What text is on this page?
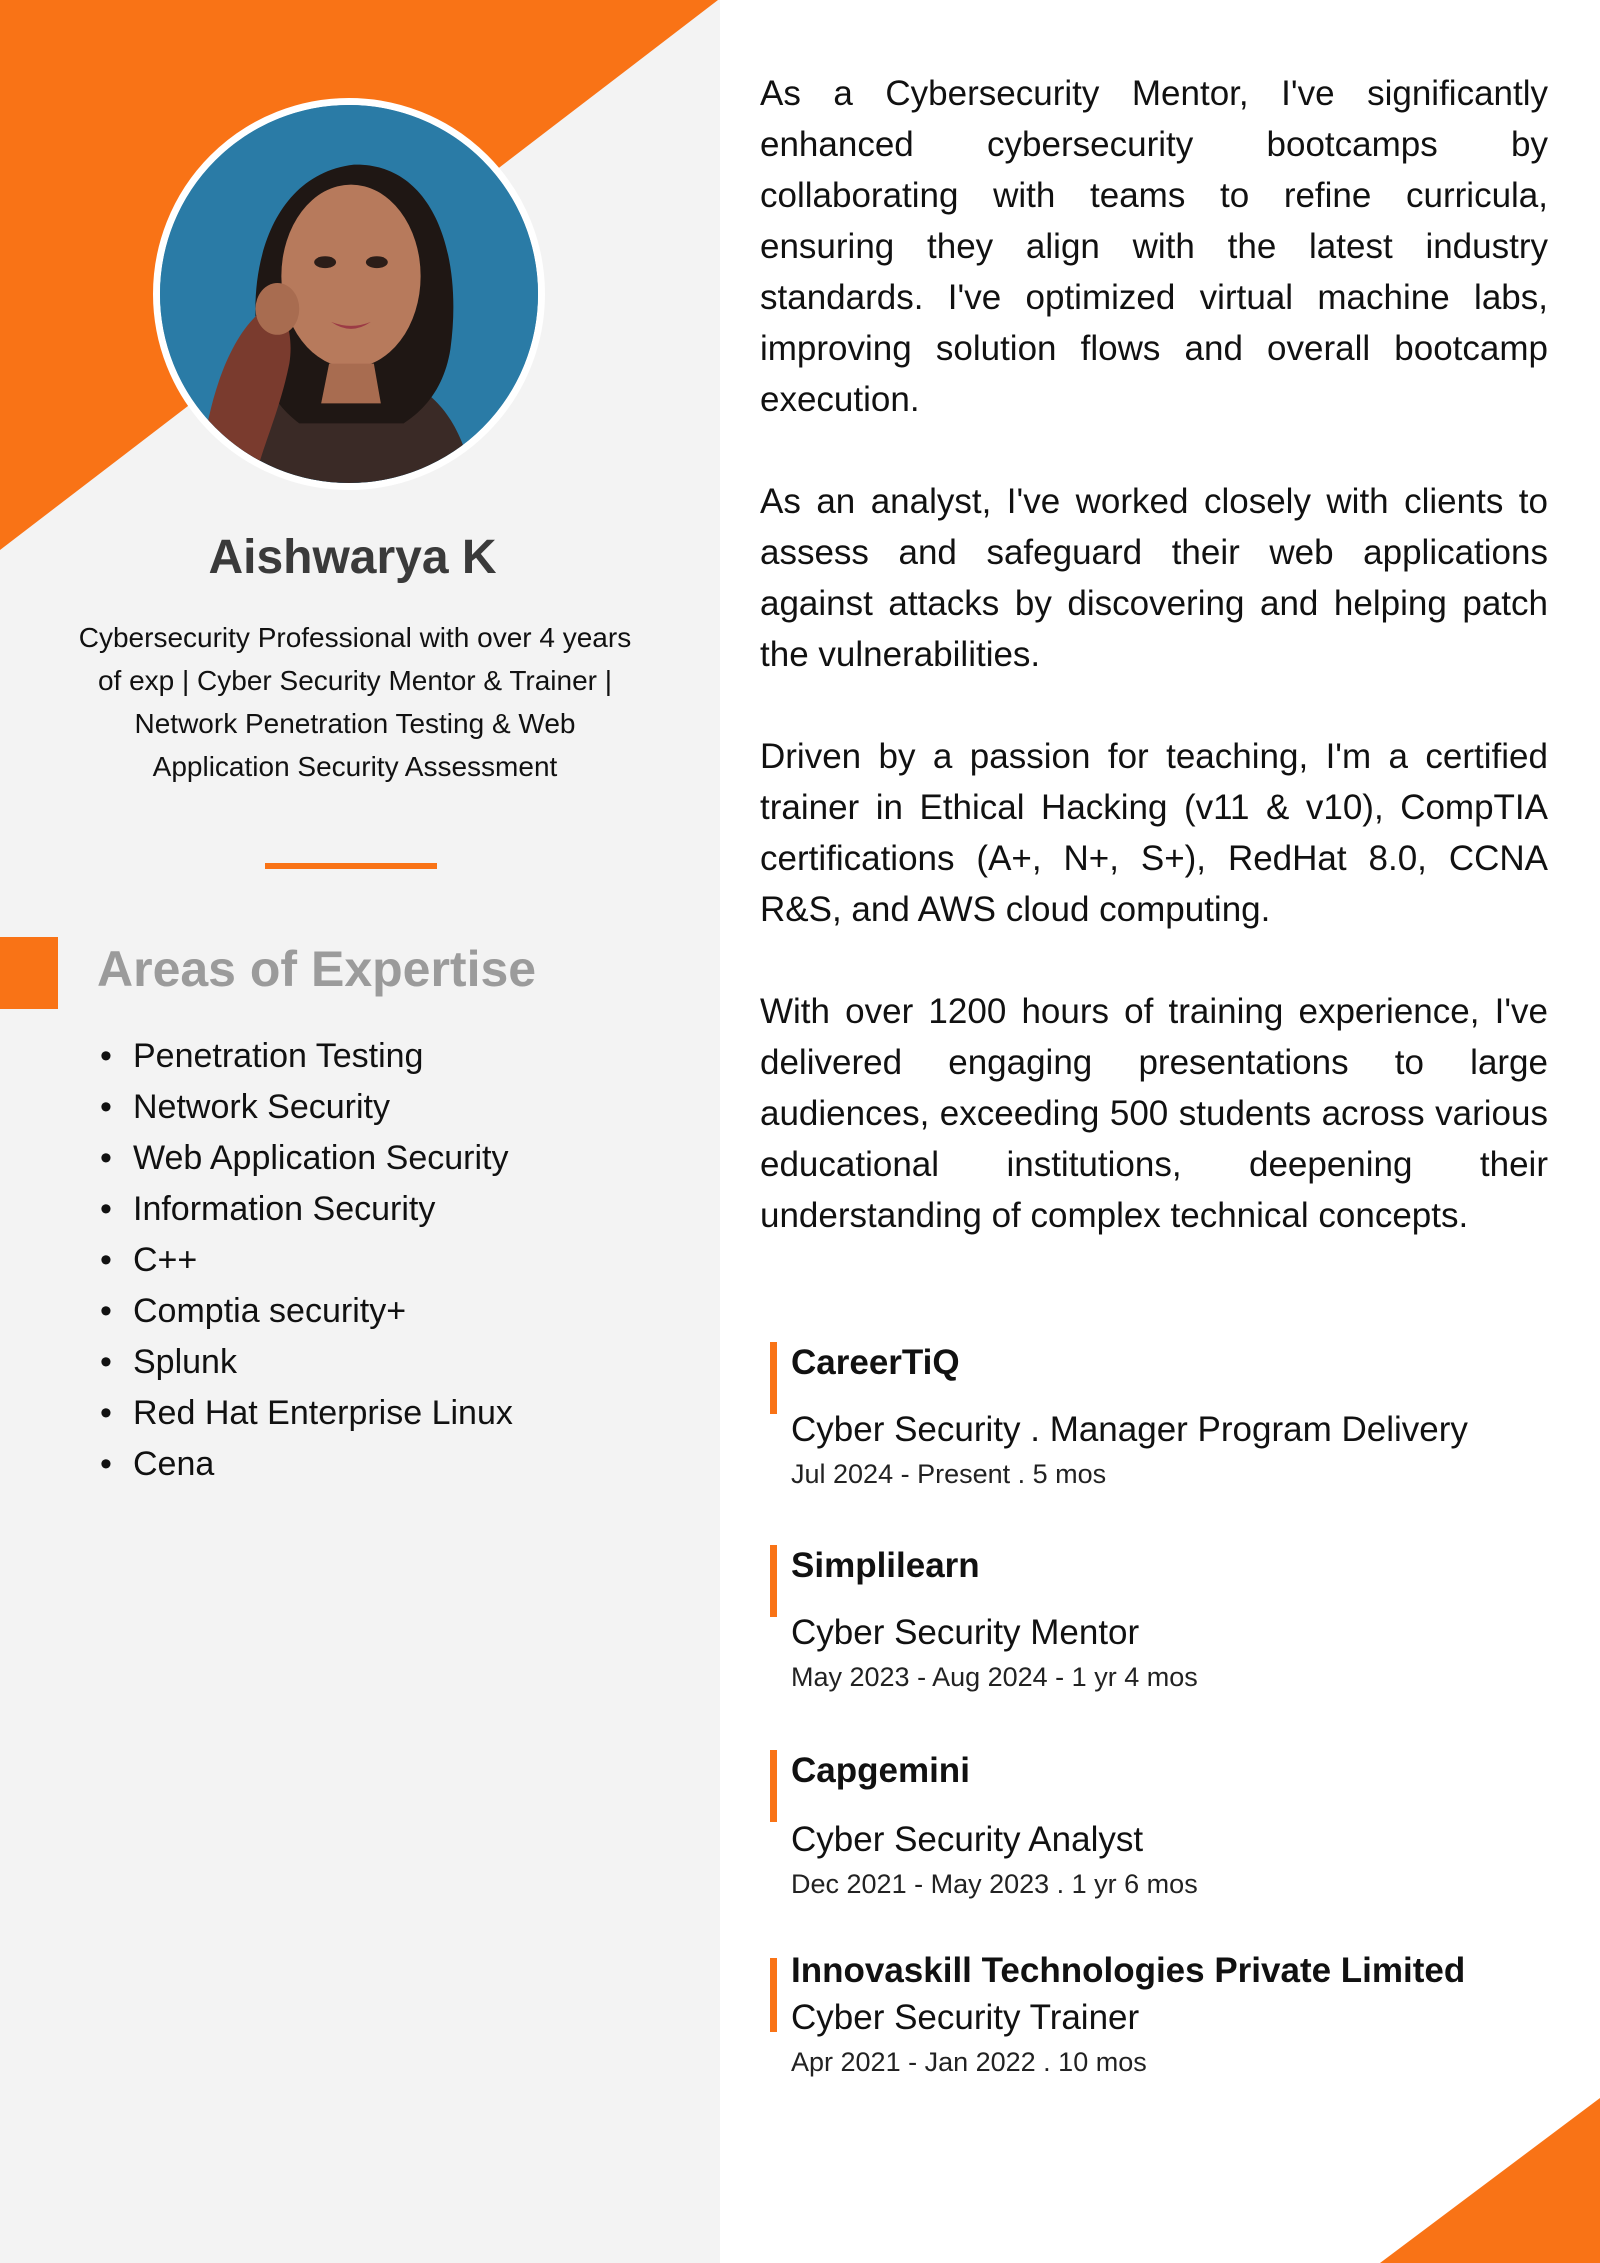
Aishwarya K
Cybersecurity Professional with over 4 years of exp | Cyber Security Mentor & Trainer | Network Penetration Testing & Web Application Security Assessment
Areas of Expertise
• Penetration Testing
• Network Security
• Web Application Security
• Information Security
• C++
• Comptia security+
• Splunk
• Red Hat Enterprise Linux
• Cena

As a Cybersecurity Mentor, I've significantly enhanced cybersecurity bootcamps by collaborating with teams to refine curricula, ensuring they align with the latest industry standards. I've optimized virtual machine labs, improving solution flows and overall bootcamp execution.

As an analyst, I've worked closely with clients to assess and safeguard their web applications against attacks by discovering and helping patch the vulnerabilities.

Driven by a passion for teaching, I'm a certified trainer in Ethical Hacking (v11 & v10), CompTIA certifications (A+, N+, S+), RedHat 8.0, CCNA R&S, and AWS cloud computing.

With over 1200 hours of training experience, I've delivered engaging presentations to large audiences, exceeding 500 students across various educational institutions, deepening their understanding of complex technical concepts.

CareerTiQ
Cyber Security . Manager Program Delivery
Jul 2024 - Present . 5 mos
Simplilearn
Cyber Security Mentor
May 2023 - Aug 2024 - 1 yr 4 mos
Capgemini
Cyber Security Analyst
Dec 2021 - May 2023 . 1 yr 6 mos
Innovaskill Technologies Private Limited
Cyber Security Trainer
Apr 2021 - Jan 2022 . 10 mos
